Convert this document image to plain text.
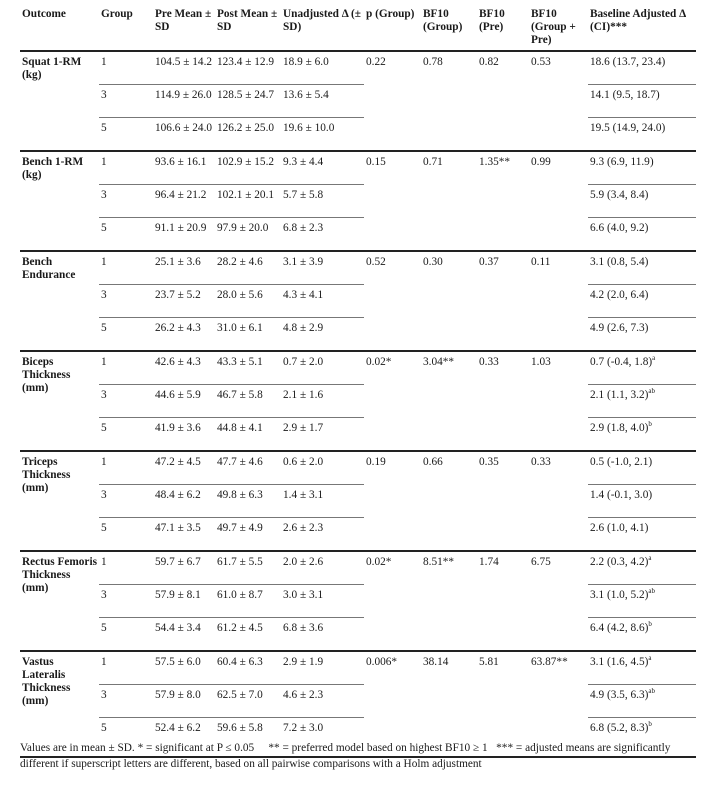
Outcome	Group	Pre Mean ± SD	Post Mean ± SD	Unadjusted Δ (± SD)	p (Group)	BF10 (Group)	BF10 (Pre)	BF10 (Group + Pre)	Baseline Adjusted Δ (CI)***
Squat 1-RM (kg)	1	104.5 ± 14.2	123.4 ± 12.9	18.9 ± 6.0	0.22	0.78	0.82	0.53	18.6 (13.7, 23.4)
	3	114.9 ± 26.0	128.5 ± 24.7	13.6 ± 5.4					14.1 (9.5, 18.7)
	5	106.6 ± 24.0	126.2 ± 25.0	19.6 ± 10.0					19.5 (14.9, 24.0)
Bench 1-RM (kg)	1	93.6 ± 16.1	102.9 ± 15.2	9.3 ± 4.4	0.15	0.71	1.35**	0.99	9.3 (6.9, 11.9)
	3	96.4 ± 21.2	102.1 ± 20.1	5.7 ± 5.8					5.9 (3.4, 8.4)
	5	91.1 ± 20.9	97.9 ± 20.0	6.8 ± 2.3					6.6 (4.0, 9.2)
Bench Endurance	1	25.1 ± 3.6	28.2 ± 4.6	3.1 ± 3.9	0.52	0.30	0.37	0.11	3.1 (0.8, 5.4)
	3	23.7 ± 5.2	28.0 ± 5.6	4.3 ± 4.1					4.2 (2.0, 6.4)
	5	26.2 ± 4.3	31.0 ± 6.1	4.8 ± 2.9					4.9 (2.6, 7.3)
Biceps Thickness (mm)	1	42.6 ± 4.3	43.3 ± 5.1	0.7 ± 2.0	0.02*	3.04**	0.33	1.03	0.7 (-0.4, 1.8)$^a$
	3	44.6 ± 5.9	46.7 ± 5.8	2.1 ± 1.6					2.1 (1.1, 3.2)$^{ab}$
	5	41.9 ± 3.6	44.8 ± 4.1	2.9 ± 1.7					2.9 (1.8, 4.0)$^b$
Triceps Thickness (mm)	1	47.2 ± 4.5	47.7 ± 4.6	0.6 ± 2.0	0.19	0.66	0.35	0.33	0.5 (-1.0, 2.1)
	3	48.4 ± 6.2	49.8 ± 6.3	1.4 ± 3.1					1.4 (-0.1, 3.0)
	5	47.1 ± 3.5	49.7 ± 4.9	2.6 ± 2.3					2.6 (1.0, 4.1)
Rectus Femoris Thickness (mm)	1	59.7 ± 6.7	61.7 ± 5.5	2.0 ± 2.6	0.02*	8.51**	1.74	6.75	2.2 (0.3, 4.2)$^a$
	3	57.9 ± 8.1	61.0 ± 8.7	3.0 ± 3.1					3.1 (1.0, 5.2)$^{ab}$
	5	54.4 ± 3.4	61.2 ± 4.5	6.8 ± 3.6					6.4 (4.2, 8.6)$^b$
Vastus Lateralis Thickness (mm)	1	57.5 ± 6.0	60.4 ± 6.3	2.9 ± 1.9	0.006*	38.14	5.81	63.87**	3.1 (1.6, 4.5)$^a$
	3	57.9 ± 8.0	62.5 ± 7.0	4.6 ± 2.3					4.9 (3.5, 6.3)$^{ab}$
	5	52.4 ± 6.2	59.6 ± 5.8	7.2 ± 3.0					6.8 (5.2, 8.3)$^b$
Values are in mean ± SD. * = significant at P ≤ 0.05 ** = preferred model based on highest BF10 ≥ 1 *** = adjusted means are significantly different if superscript letters are different, based on all pairwise comparisons with a Holm adjustment
